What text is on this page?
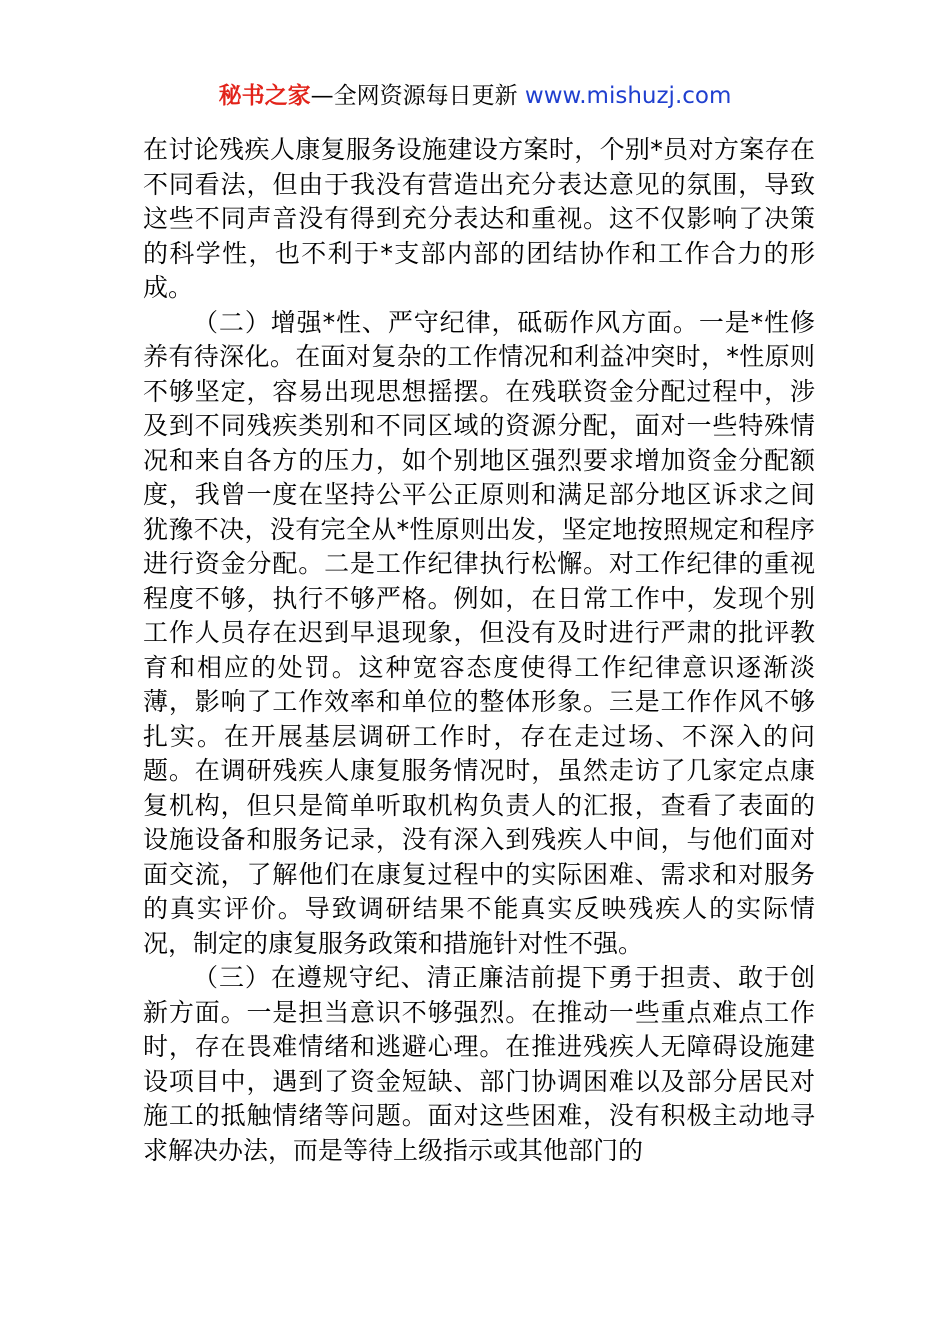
秘书之家—全网资源每日更新 www.mishuzj.com

在讨论残疾人康复服务设施建设方案时，个别*员对方案存在不同看法，但由于我没有营造出充分表达意见的氛围，导致这些不同声音没有得到充分表达和重视。这不仅影响了决策的科学性，也不利于*支部内部的团结协作和工作合力的形成。

（二）增强*性、严守纪律，砥砺作风方面。一是*性修养有待深化。在面对复杂的工作情况和利益冲突时，*性原则不够坚定，容易出现思想摇摆。在残联资金分配过程中，涉及到不同残疾类别和不同区域的资源分配，面对一些特殊情况和来自各方的压力，如个别地区强烈要求增加资金分配额度，我曾一度在坚持公平公正原则和满足部分地区诉求之间犹豫不决，没有完全从*性原则出发，坚定地按照规定和程序进行资金分配。二是工作纪律执行松懈。对工作纪律的重视程度不够，执行不够严格。例如，在日常工作中，发现个别工作人员存在迟到早退现象，但没有及时进行严肃的批评教育和相应的处罚。这种宽容态度使得工作纪律意识逐渐淡薄，影响了工作效率和单位的整体形象。三是工作作风不够扎实。在开展基层调研工作时，存在走过场、不深入的问题。在调研残疾人康复服务情况时，虽然走访了几家定点康复机构，但只是简单听取机构负责人的汇报，查看了表面的设施设备和服务记录，没有深入到残疾人中间，与他们面对面交流，了解他们在康复过程中的实际困难、需求和对服务的真实评价。导致调研结果不能真实反映残疾人的实际情况，制定的康复服务政策和措施针对性不强。

（三）在遵规守纪、清正廉洁前提下勇于担责、敢于创新方面。一是担当意识不够强烈。在推动一些重点难点工作时，存在畏难情绪和逃避心理。在推进残疾人无障碍设施建设项目中，遇到了资金短缺、部门协调困难以及部分居民对施工的抵触情绪等问题。面对这些困难，没有积极主动地寻求解决办法，而是等待上级指示或其他部门的
